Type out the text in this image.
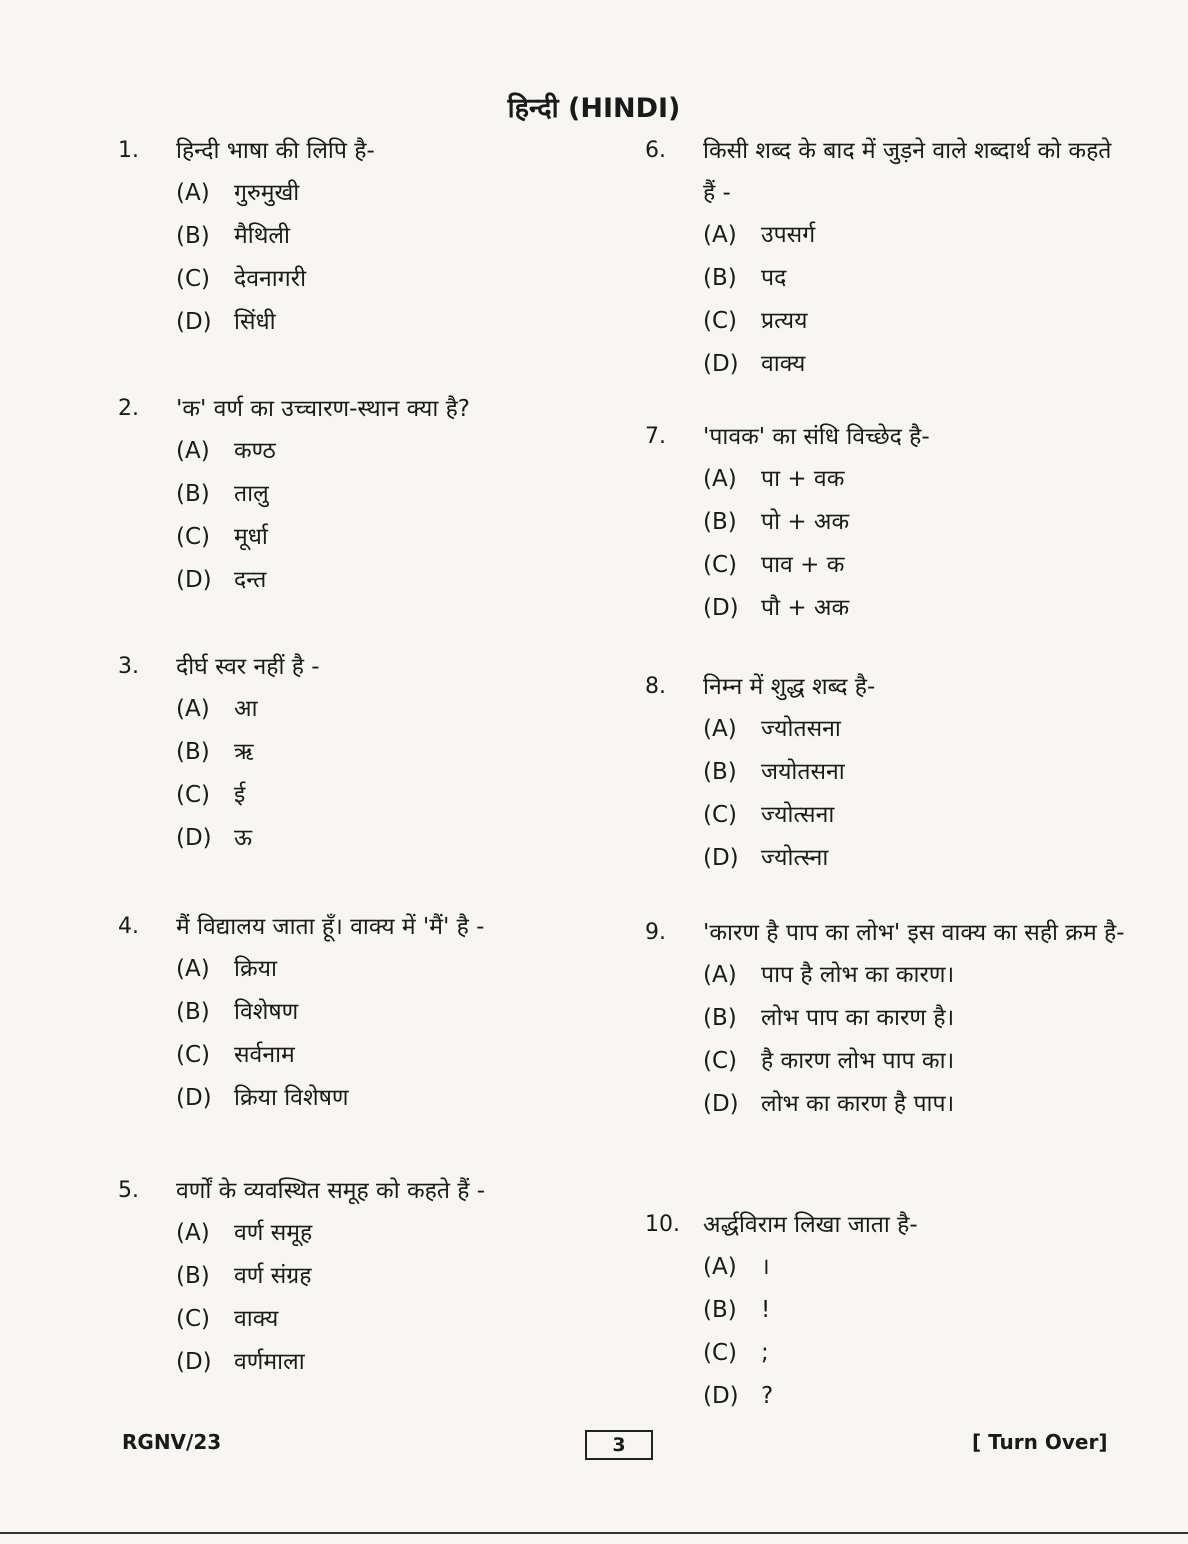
हिन्दी (HINDI)
1.	हिन्दी भाषा की लिपि है-
(A)	गुरुमुखी
(B)	मैथिली
(C)	देवनागरी
(D) सिंधी
2.	'क' वर्ण का उच्चारण-स्थान क्या है?
(A)	कण्ठ
(B)	तालु
(C)	मूर्धा
(D) दन्त
3.	दीर्घ स्वर नहीं है -
(A)	आ
(B)	ऋ
(C)	ई
(D) ऊ
4.	मैं विद्यालय जाता हूँ। वाक्य में 'मैं' है -
(A)	क्रिया
(B)	विशेषण
(C)	सर्वनाम
(D) क्रिया विशेषण
5.	वर्णों के व्यवस्थित समूह को कहते हैं -
(A)	वर्ण समूह
(B)	वर्ण संग्रह
(C)	वाक्य
(D) वर्णमाला
6.	किसी शब्द के बाद में जुड़ने वाले शब्दार्थ को कहते हैं -
(A)	उपसर्ग
(B)	पद
(C)	प्रत्यय
(D) वाक्य
7.	'पावक' का संधि विच्छेद है-
(A)	पा + वक
(B)	पो + अक
(C)	पाव + क
(D) पौ + अक
8.	निम्न में शुद्ध शब्द है-
(A)	ज्योतसना
(B)	जयोतसना
(C)	ज्योत्सना
(D) ज्योत्स्ना
9.	'कारण है पाप का लोभ' इस वाक्य का सही क्रम है-
(A)	पाप है लोभ का कारण।
(B)	लोभ पाप का कारण है।
(C)	है कारण लोभ पाप का।
(D) लोभ का कारण है पाप।
10.	अर्द्धविराम लिखा जाता है-
(A)	।
(B)	!
(C)	;
(D) ?
RGNV/23	3	[ Turn Over]
